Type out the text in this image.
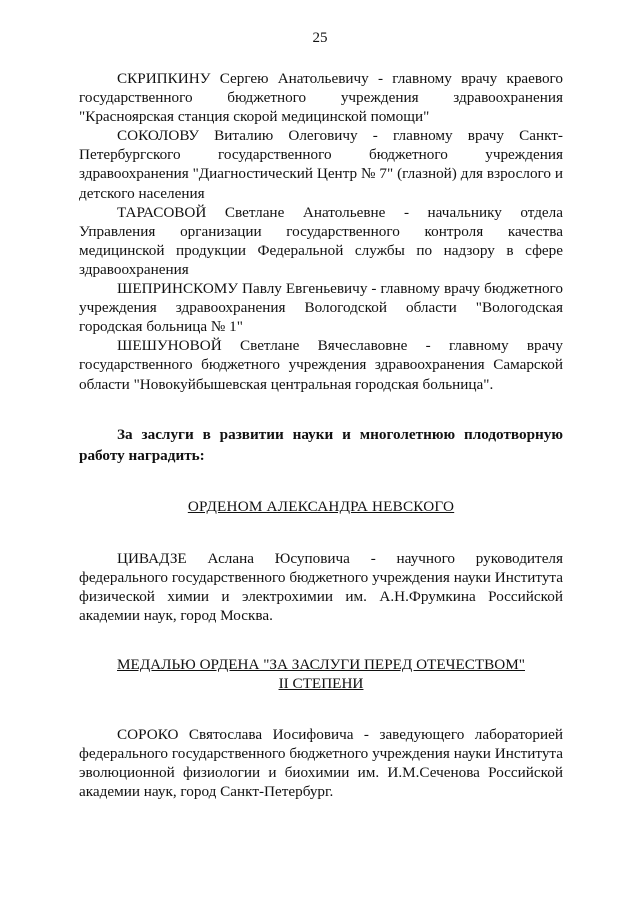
25

СКРИПКИНУ Сергею Анатольевичу - главному врачу краевого государственного бюджетного учреждения здравоохранения "Красноярская станция скорой медицинской помощи"

СОКОЛОВУ Виталию Олеговичу - главному врачу Санкт-Петербургского государственного бюджетного учреждения здравоохранения "Диагностический Центр № 7" (глазной) для взрослого и детского населения

ТАРАСОВОЙ Светлане Анатольевне - начальнику отдела Управления организации государственного контроля качества медицинской продукции Федеральной службы по надзору в сфере здравоохранения

ШЕПРИНСКОМУ Павлу Евгеньевичу - главному врачу бюджетного учреждения здравоохранения Вологодской области "Вологодская городская больница № 1"

ШЕШУНОВОЙ Светлане Вячеславовне - главному врачу государственного бюджетного учреждения здравоохранения Самарской области "Новокуйбышевская центральная городская больница".

За заслуги в развитии науки и многолетнюю плодотворную работу наградить:

ОРДЕНОМ АЛЕКСАНДРА НЕВСКОГО

ЦИВАДЗЕ Аслана Юсуповича - научного руководителя федерального государственного бюджетного учреждения науки Института физической химии и электрохимии им. А.Н.Фрумкина Российской академии наук, город Москва.

МЕДАЛЬЮ ОРДЕНА "ЗА ЗАСЛУГИ ПЕРЕД ОТЕЧЕСТВОМ"
II СТЕПЕНИ

СОРОКО Святослава Иосифовича - заведующего лабораторией федерального государственного бюджетного учреждения науки Института эволюционной физиологии и биохимии им. И.М.Сеченова Российской академии наук, город Санкт-Петербург.
